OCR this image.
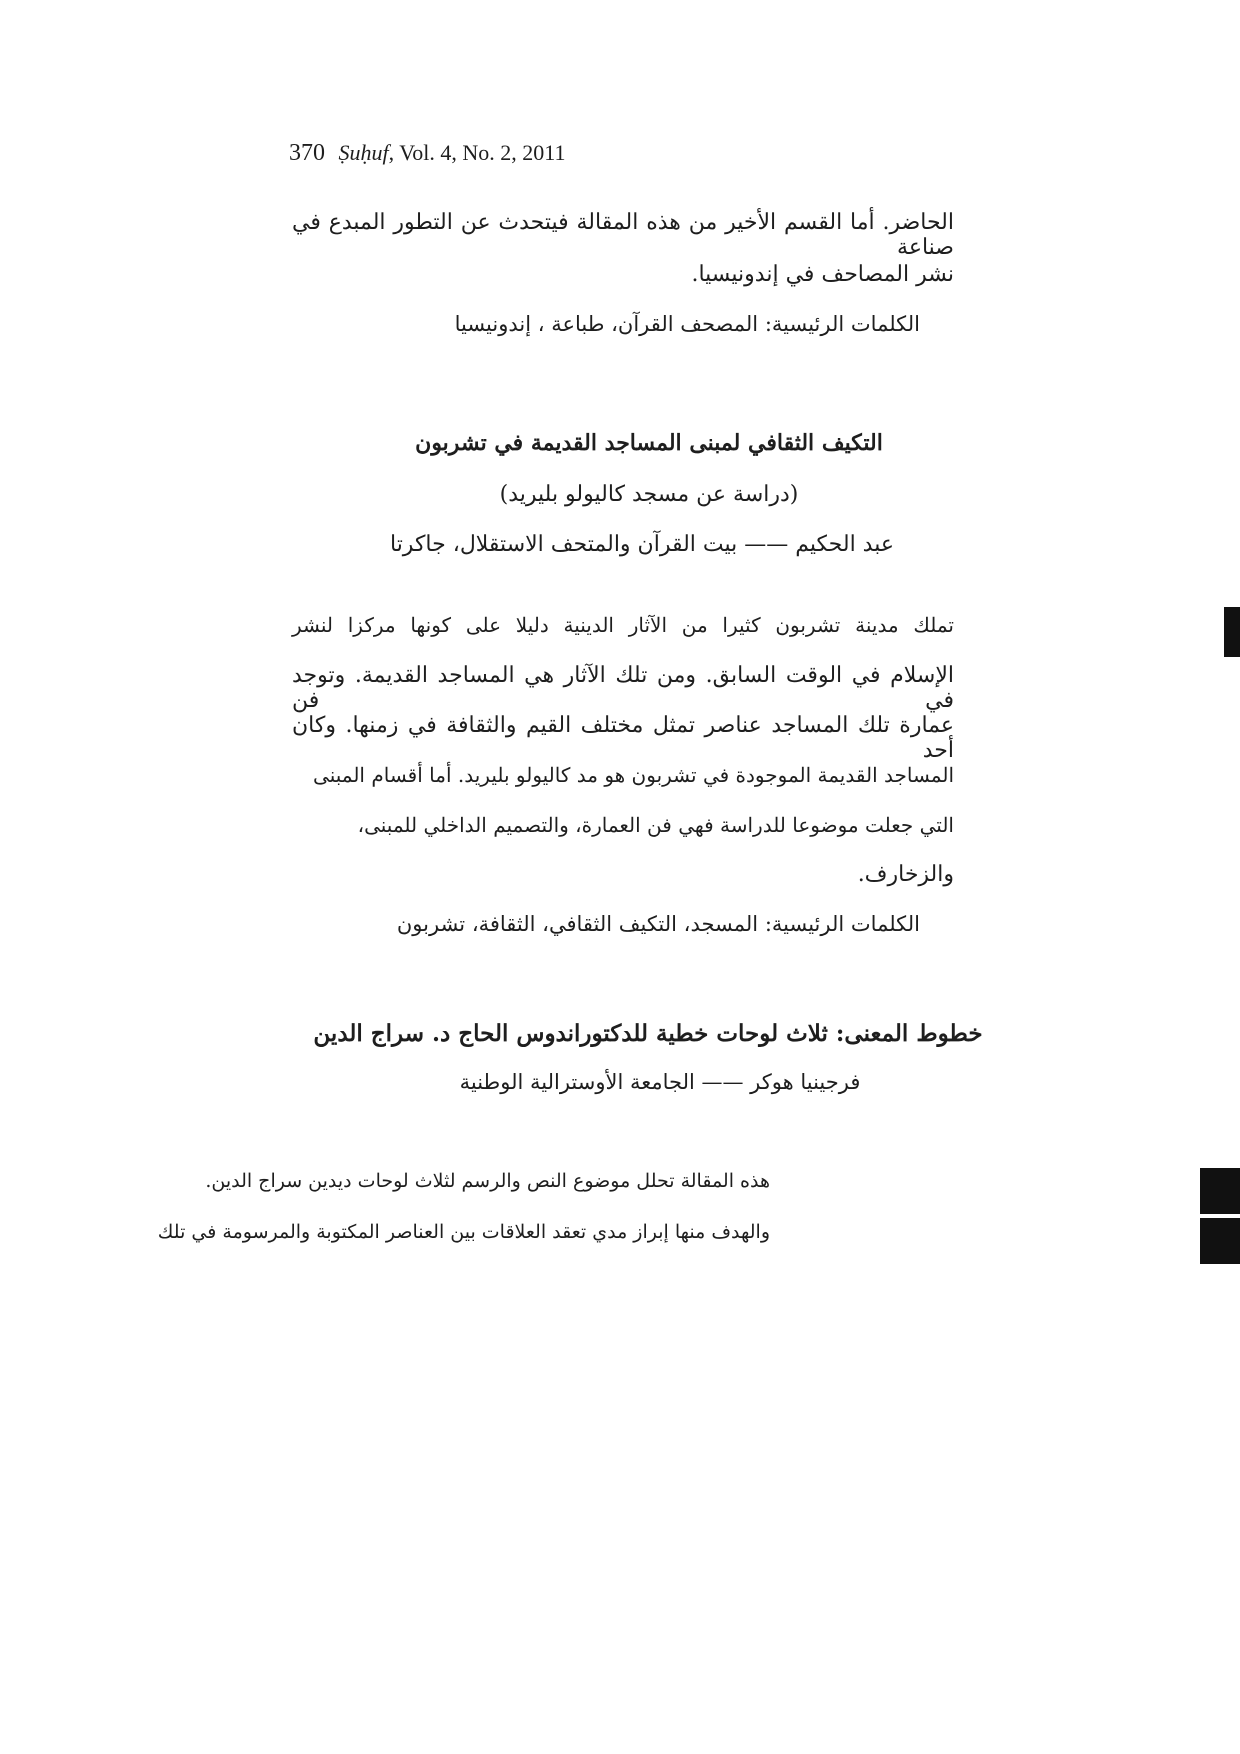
370 Ṣuḥuf, Vol. 4, No. 2, 2011

الحاضر. أما القسم الأخير من هذه المقالة فيتحدث عن التطور المبدع في صناعة

نشر المصاحف في إندونيسيا.

الكلمات الرئيسية: المصحف القرآن، طباعة ، إندونيسيا

التكيف الثقافي لمبنى المساجد القديمة في تشربون

(دراسة عن مسجد كاليولو بليريد)

عبد الحكيم —— بيت القرآن والمتحف الاستقلال، جاكرتا

تملك مدينة تشربون كثيرا من الآثار الدينية دليلا على كونها مركزا لنشر

الإسلام في الوقت السابق. ومن تلك الآثار هي المساجد القديمة. وتوجد في فن

عمارة تلك المساجد عناصر تمثل مختلف القيم والثقافة في زمنها. وكان أحد

المساجد القديمة الموجودة في تشربون هو مد كاليولو بليريد. أما أقسام المبنى

التي جعلت موضوعا للدراسة فهي فن العمارة، والتصميم الداخلي للمبنى،

والزخارف.

الكلمات الرئيسية: المسجد، التكيف الثقافي، الثقافة، تشربون

خطوط المعنى: ثلاث لوحات خطية للدكتوراندوس الحاج د. سراج الدين

فرجينيا هوكر —— الجامعة الأوسترالية الوطنية

هذه المقالة تحلل موضوع النص والرسم لثلاث لوحات ديدين سراج الدين.

والهدف منها إبراز مدي تعقد العلاقات بين العناصر المكتوبة والمرسومة في تلك
